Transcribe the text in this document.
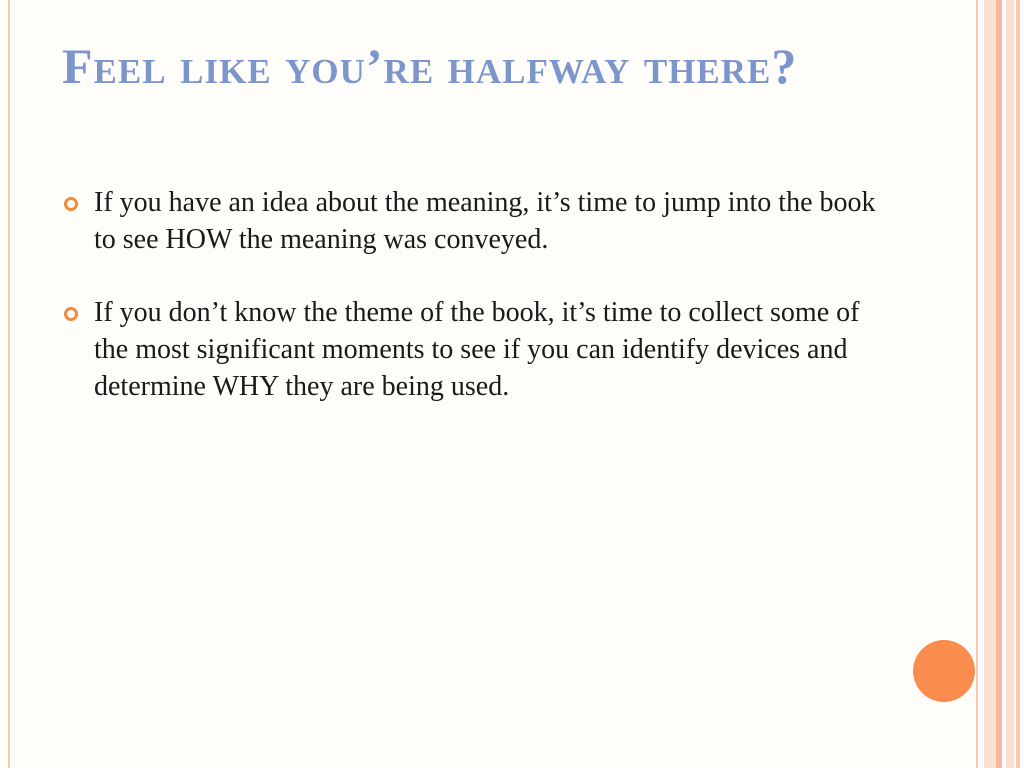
Feel like you’re halfway there?
If you have an idea about the meaning, it’s time to jump into the book to see HOW the meaning was conveyed.
If you don’t know the theme of the book, it’s time to collect some of the most significant moments to see if you can identify devices and determine WHY they are being used.
